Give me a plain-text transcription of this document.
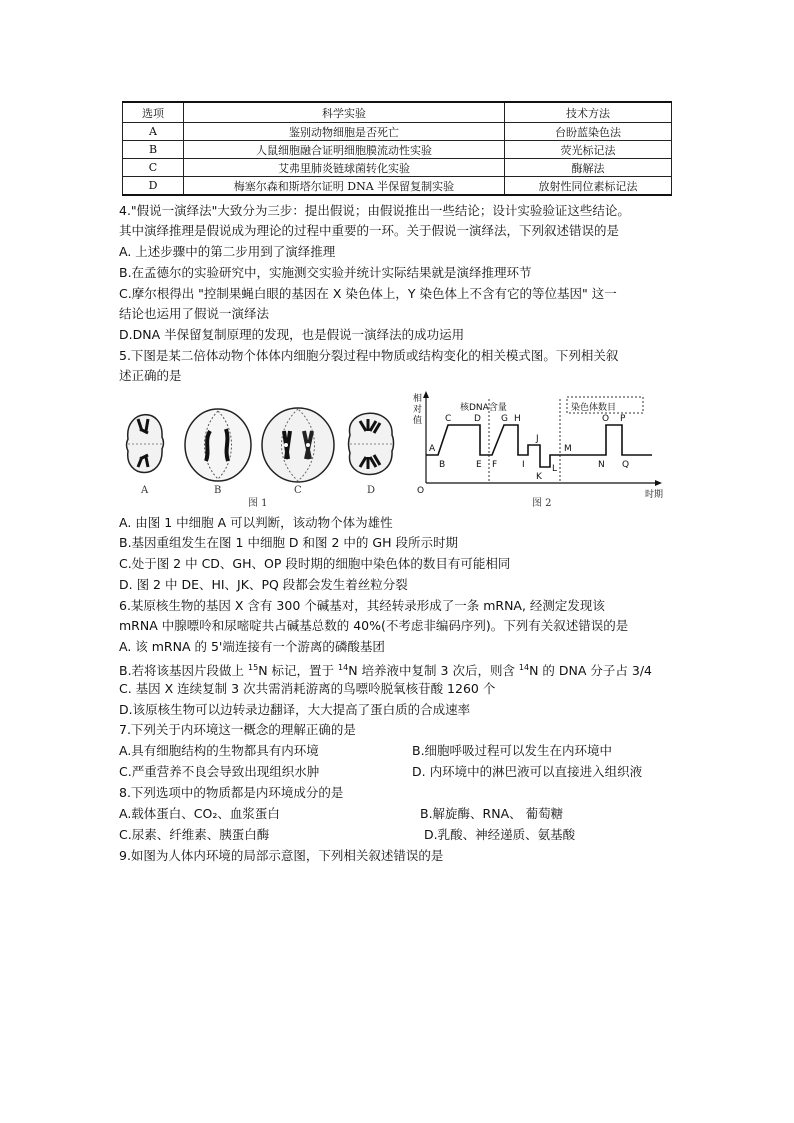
选项	科学实验	技术方法
A	鉴别动物细胞是否死亡	台盼蓝染色法
B	人鼠细胞融合证明细胞膜流动性实验	荧光标记法
C	艾弗里肺炎链球菌转化实验	酶解法
D	梅塞尔森和斯塔尔证明 DNA 半保留复制实验	放射性同位素标记法
4."假说一演绎法"大致分为三步：提出假说；由假说推出一些结论；设计实验验证这些结论。
其中演绎推理是假说成为理论的过程中重要的一环。关于假说一演绎法，下列叙述错误的是
A. 上述步骤中的第二步用到了演绎推理
B.在孟德尔的实验研究中，实施测交实验并统计实际结果就是演绎推理环节
C.摩尔根得出 "控制果蝇白眼的基因在 X 染色体上，Y 染色体上不含有它的等位基因" 这一
结论也运用了假说一演绎法
D.DNA 半保留复制原理的发现，也是假说一演绎法的成功运用
5.下图是某二倍体动物个体体内细胞分裂过程中物质或结构变化的相关模式图。下列相关叙
述正确的是
A	B	C	D
图 1
相
对
值
O	时期
核DNA含量	染色体数目
A
B
C	D
E F
G H
I
J
K
L
M
N
O P
Q
图 2
A. 由图 1 中细胞 A 可以判断，该动物个体为雄性
B.基因重组发生在图 1 中细胞 D 和图 2 中的 GH 段所示时期
C.处于图 2 中 CD、GH、OP 段时期的细胞中染色体的数目有可能相同
D. 图 2 中 DE、HI、JK、PQ 段都会发生着丝粒分裂
6.某原核生物的基因 X 含有 300 个碱基对，其经转录形成了一条 mRNA, 经测定发现该
mRNA 中腺嘌呤和尿嘧啶共占碱基总数的 40%(不考虑非编码序列)。下列有关叙述错误的是
A. 该 mRNA 的 5'端连接有一个游离的磷酸基团
B.若将该基因片段做上 $^{15}$N 标记，置于 $^{14}$N 培养液中复制 3 次后，则含 $^{14}$N 的 DNA 分子占 3/4
C. 基因 X 连续复制 3 次共需消耗游离的鸟嘌呤脱氧核苷酸 1260 个
D.该原核生物可以边转录边翻译，大大提高了蛋白质的合成速率
7.下列关于内环境这一概念的理解正确的是
A.具有细胞结构的生物都具有内环境	B.细胞呼吸过程可以发生在内环境中
C.严重营养不良会导致出现组织水肿	D. 内环境中的淋巴液可以直接进入组织液
8.下列选项中的物质都是内环境成分的是
A.载体蛋白、CO₂、血浆蛋白	B.解旋酶、RNA、 葡萄糖
C.尿素、纤维素、胰蛋白酶	D.乳酸、神经递质、氨基酸
9.如图为人体内环境的局部示意图，下列相关叙述错误的是
